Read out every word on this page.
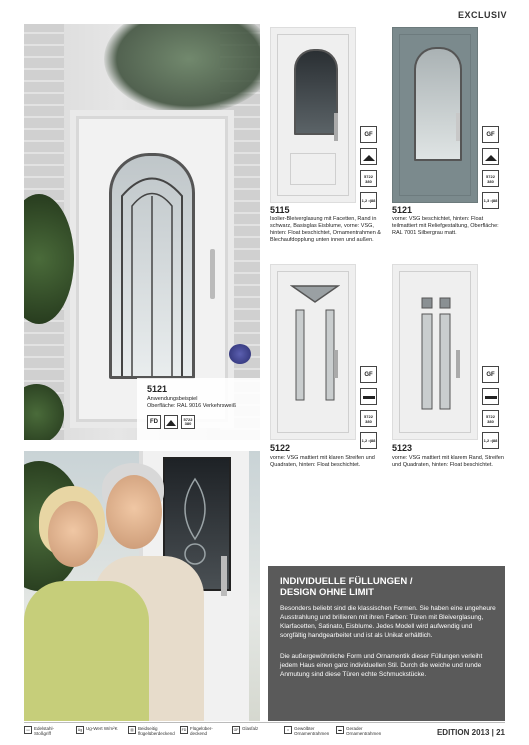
EXCLUSIV
5121
Anwendungsbeispiel
Oberfläche: RAL 9016 Verkehrsweiß
FD	5722 380
GF
5722 380
1,2 •|88
5115
Isolier-Bleiverglasung mit Facetten, Rand in schwarz, Basisglas Eisblume, vorne: VSG, hinten: Float beschichtet, Ornamentrahmen & Blechaufdopplung unten innen und außen.
GF
5722 380
1,3 •|88
5121
vorne: VSG beschichtet, hinten: Float teilmattiert mit Reliefgestaltung, Oberfläche: RAL 7001 Silbergrau matt.
GF
5722 380
1,2 •|88
5122
vorne: VSG mattiert mit klaren Streifen und Quadraten, hinten: Float beschichtet.
GF
5722 380
1,2 •|88
5123
vorne: VSG mattiert mit klarem Rand, Streifen und Quadraten, hinten: Float beschichtet.
INDIVIDUELLE FÜLLUNGEN /
DESIGN OHNE LIMIT
Besonders beliebt sind die klassischen Formen. Sie haben eine ungeheure Ausstrahlung und brillieren mit ihren Farben: Türen mit Bleiverglasung, Klarfacetten, Satinato, Eisblume. Jedes Modell wird aufwendig und sorgfältig handgearbeitet und ist als Unikat erhältlich.
Die außergewöhnliche Form und Ornamentik dieser Füllungen verleiht jedem Haus einen ganz individuellen Stil. Durch die weiche und runde Anmutung sind diese Türen echte Schmuckstücke.
▭ Edelstahl-Stoßgriff
Ug Ug-Wert W/m²K	▥ Beidseitig flügelüberdeckend
FD Flügelüber-deckend
GF Glasfalz	⌂	Gewölbter Ornamentrahmen
▬ Gerader Ornamentrahmen	EDITION 2013 | 21
